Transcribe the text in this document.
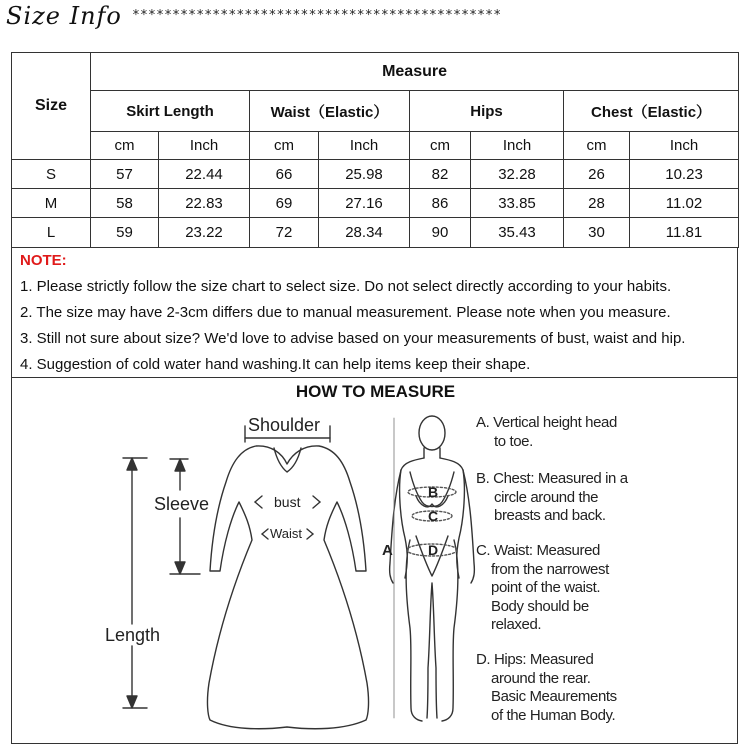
Size Info **********************************************
Size	Measure							
	Skirt Length		Waist（Elastic）		Hips		Chest（Elastic）	
	cm	Inch	cm	Inch	cm	Inch	cm	Inch
S	57	22.44	66	25.98	82	32.28	26	10.23
M	58	22.83	69	27.16	86	33.85	28	11.02
L	59	23.22	72	28.34	90	35.43	30	11.81
NOTE:
1. Please strictly follow the size chart to select size. Do not select directly according to your habits.
2. The size may have 2-3cm differs due to manual measurement. Please note when you measure.
3. Still not sure about size? We'd love to advise based on your measurements of bust, waist and hip.
4. Suggestion of cold water hand washing.It can help items keep their shape.
HOW TO MEASURE
Shoulder
Sleeve	bust
Waist
Length
A
B
C
D
A. Vertical height head
to toe.
B. Chest: Measured in a
circle around the
breasts and back.
C. Waist: Measured
from the narrowest
point of the waist.
Body should be
relaxed.
D. Hips: Measured
around the rear.
Basic Meaurements
of the Human Body.
